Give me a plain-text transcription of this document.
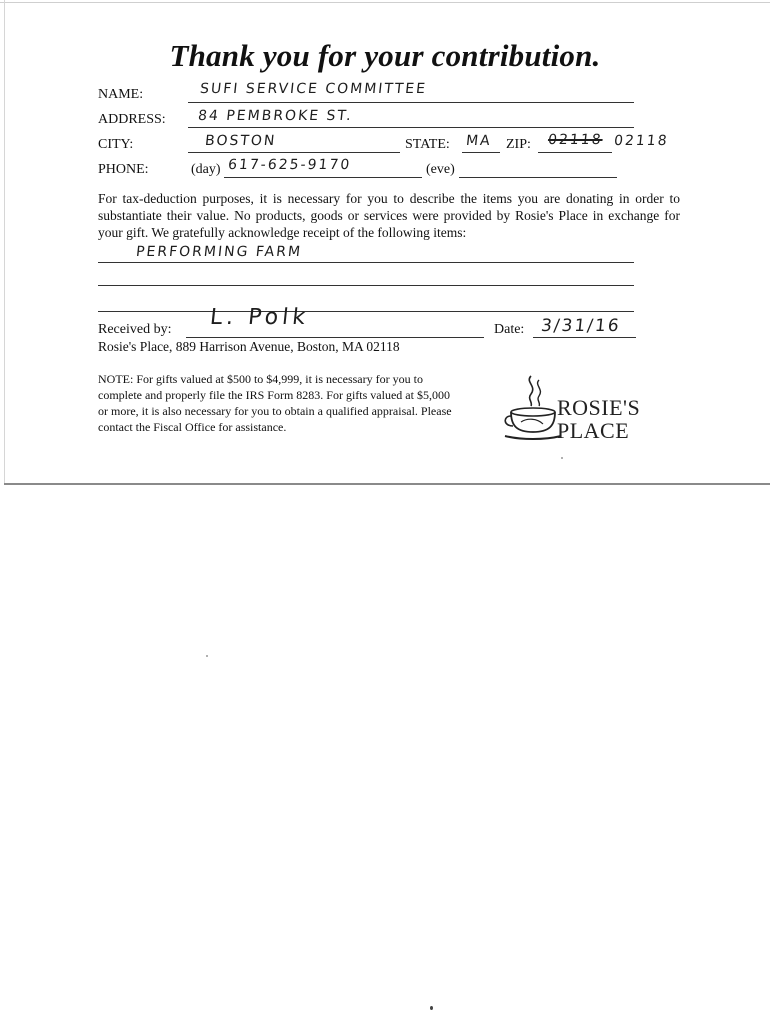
Thank you for your contribution.
NAME:	SUFI SERVICE COMMITTEE
ADDRESS: 84 PEMBROKE ST.
CITY:	BOSTON	STATE: MA ZIP: 02118 02118
PHONE:	(day) 617-625-9170	(eve)
For tax-deduction purposes, it is necessary for you to describe the items you are donating in order to substantiate their value. No products, goods or services were provided by Rosie's Place in exchange for your gift. We gratefully acknowledge receipt of the following items:
PERFORMING FARM
Received by: L. Polk	Date: 3/31/16
Rosie's Place, 889 Harrison Avenue, Boston, MA 02118
NOTE: For gifts valued at $500 to $4,999, it is necessary for you to complete and properly file the IRS Form 8283. For gifts valued at $5,000 or more, it is also necessary for you to obtain a qualified appraisal. Please contact the Fiscal Office for assistance.
ROSIE'S
PLACE
